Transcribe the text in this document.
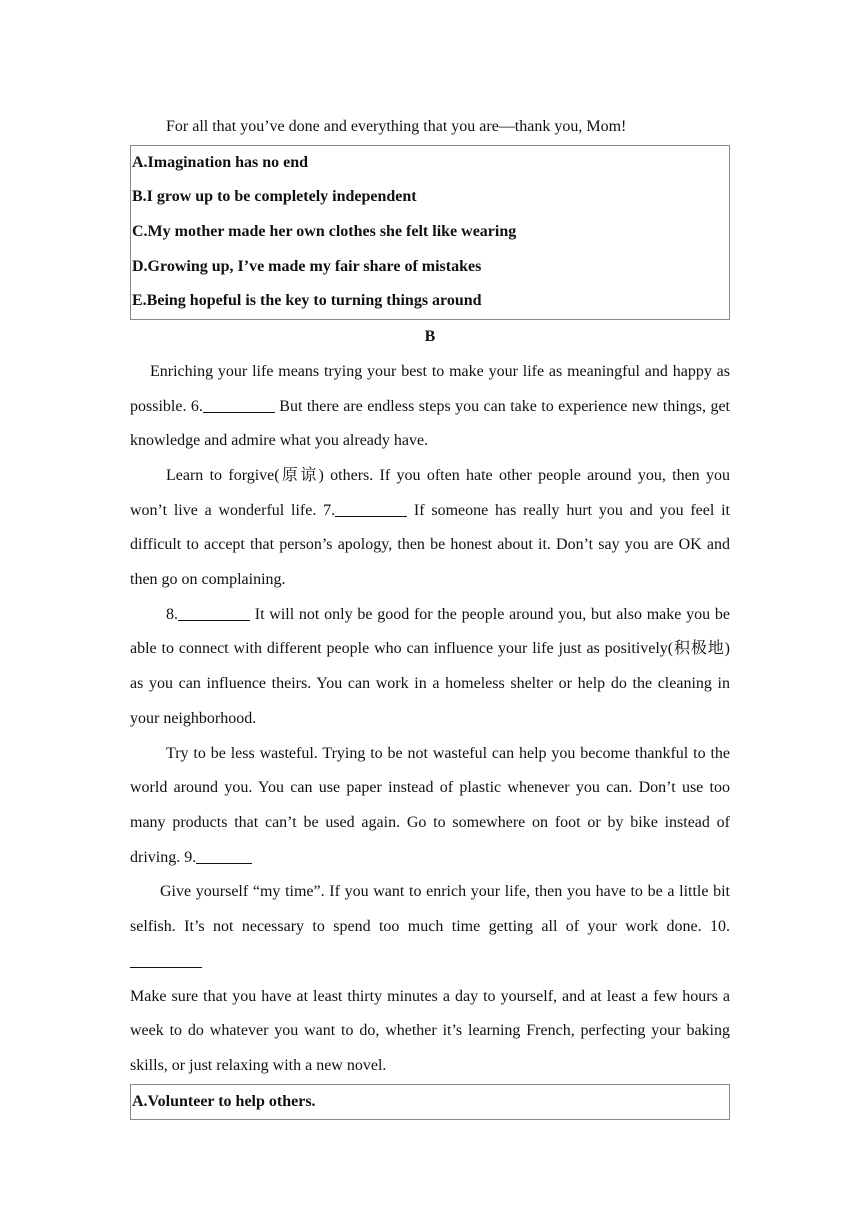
For all that you’ve done and everything that you are—thank you, Mom!
A.Imagination has no end
B.I grow up to be completely independent
C.My mother made her own clothes she felt like wearing
D.Growing up, I’ve made my fair share of mistakes
E.Being hopeful is the key to turning things around
B
Enriching your life means trying your best to make your life as meaningful and happy as possible. 6.	But there are endless steps you can take to experience new things, get knowledge and admire what you already have.
Learn to forgive(原谅) others. If you often hate other people around you, then you won’t live a wonderful life. 7.	If someone has really hurt you and you feel it difficult to accept that person’s apology, then be honest about it. Don’t say you are OK and then go on complaining.
8.	It will not only be good for the people around you, but also make you be able to connect with different people who can influence your life just as positively(积极地) as you can influence theirs. You can work in a homeless shelter or help do the cleaning in your neighborhood.
Try to be less wasteful. Trying to be not wasteful can help you become thankful to the world around you. You can use paper instead of plastic whenever you can. Don’t use too many products that can’t be used again. Go to somewhere on foot or by bike instead of driving. 9.
Give yourself “my time”. If you want to enrich your life, then you have to be a little bit selfish. It’s not necessary to spend too much time getting all of your work done. 10.
Make sure that you have at least thirty minutes a day to yourself, and at least a few hours a week to do whatever you want to do, whether it’s learning French, perfecting your baking skills, or just relaxing with a new novel.
A.Volunteer to help others.
